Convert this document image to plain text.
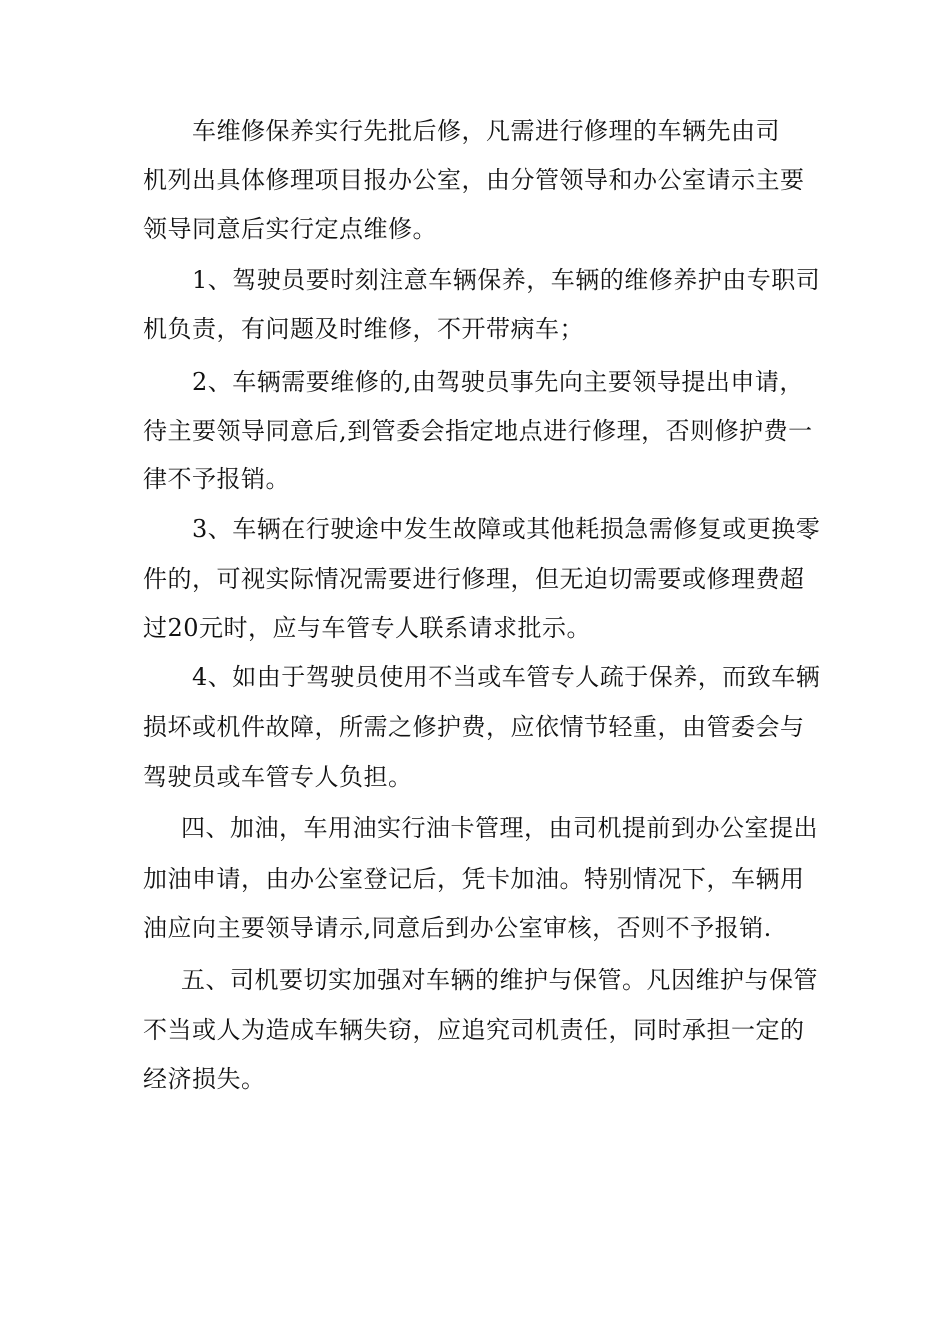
车维修保养实行先批后修，凡需进行修理的车辆先由司
机列出具体修理项目报办公室，由分管领导和办公室请示主要
领导同意后实行定点维修。
1、驾驶员要时刻注意车辆保养，车辆的维修养护由专职司
机负责，有问题及时维修，不开带病车；
2、车辆需要维修的,由驾驶员事先向主要领导提出申请，
待主要领导同意后,到管委会指定地点进行修理，否则修护费一
律不予报销。
3、车辆在行驶途中发生故障或其他耗损急需修复或更换零
件的，可视实际情况需要进行修理，但无迫切需要或修理费超
过20元时，应与车管专人联系请求批示。
4、如由于驾驶员使用不当或车管专人疏于保养，而致车辆
损坏或机件故障，所需之修护费，应依情节轻重，由管委会与
驾驶员或车管专人负担。
四、加油，车用油实行油卡管理，由司机提前到办公室提出
加油申请，由办公室登记后，凭卡加油。特别情况下，车辆用
油应向主要领导请示,同意后到办公室审核，否则不予报销.
五、司机要切实加强对车辆的维护与保管。凡因维护与保管
不当或人为造成车辆失窃，应追究司机责任，同时承担一定的
经济损失。
